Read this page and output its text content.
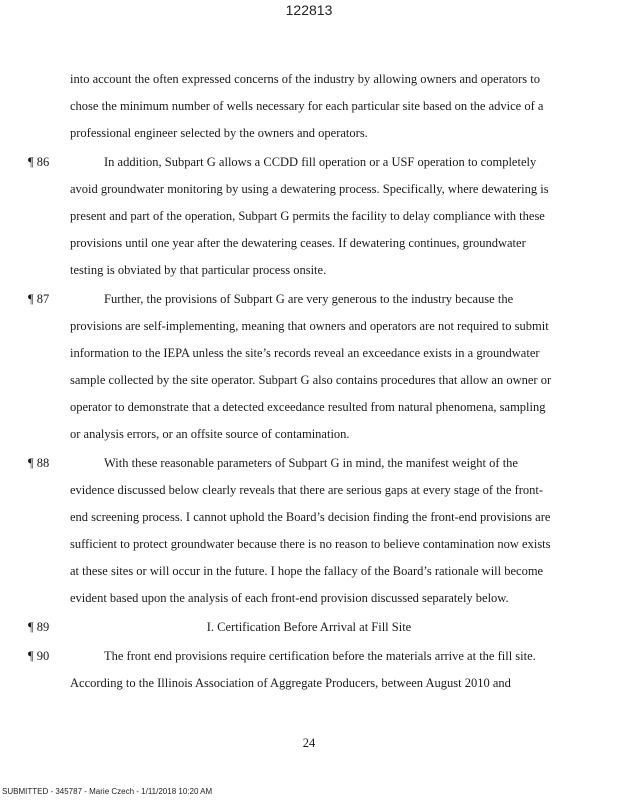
122813
into account the often expressed concerns of the industry by allowing owners and operators to
chose the minimum number of wells necessary for each particular site based on the advice of a
professional engineer selected by the owners and operators.
¶ 86	In addition, Subpart G allows a CCDD fill operation or a USF operation to completely
avoid groundwater monitoring by using a dewatering process. Specifically, where dewatering is
present and part of the operation, Subpart G permits the facility to delay compliance with these
provisions until one year after the dewatering ceases. If dewatering continues, groundwater
testing is obviated by that particular process onsite.
¶ 87	Further, the provisions of Subpart G are very generous to the industry because the
provisions are self-implementing, meaning that owners and operators are not required to submit
information to the IEPA unless the site’s records reveal an exceedance exists in a groundwater
sample collected by the site operator. Subpart G also contains procedures that allow an owner or
operator to demonstrate that a detected exceedance resulted from natural phenomena, sampling
or analysis errors, or an offsite source of contamination.
¶ 88	With these reasonable parameters of Subpart G in mind, the manifest weight of the
evidence discussed below clearly reveals that there are serious gaps at every stage of the front-
end screening process. I cannot uphold the Board’s decision finding the front-end provisions are
sufficient to protect groundwater because there is no reason to believe contamination now exists
at these sites or will occur in the future. I hope the fallacy of the Board’s rationale will become
evident based upon the analysis of each front-end provision discussed separately below.
¶ 89	I. Certification Before Arrival at Fill Site
¶ 90	The front end provisions require certification before the materials arrive at the fill site.
According to the Illinois Association of Aggregate Producers, between August 2010 and
24
SUBMITTED - 345787 - Marie Czech - 1/11/2018 10:20 AM
